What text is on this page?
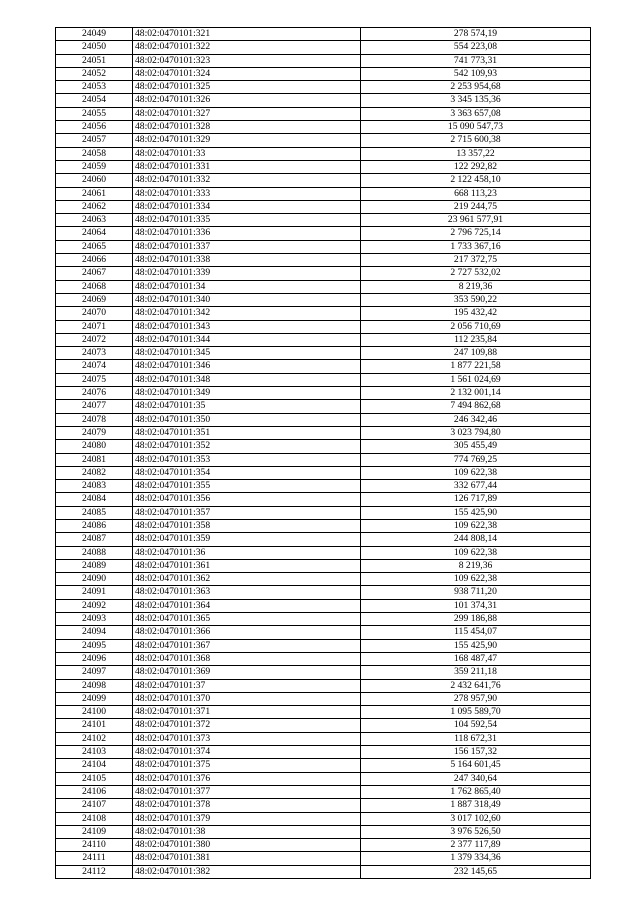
24049	48:02:0470101:321	278 574,19
24050	48:02:0470101:322	554 223,08
24051	48:02:0470101:323	741 773,31
24052	48:02:0470101:324	542 109,93
24053	48:02:0470101:325	2 253 954,68
24054	48:02:0470101:326	3 345 135,36
24055	48:02:0470101:327	3 363 657,08
24056	48:02:0470101:328	15 090 547,73
24057	48:02:0470101:329	2 715 600,38
24058	48:02:0470101:33	13 357,22
24059	48:02:0470101:331	122 292,82
24060	48:02:0470101:332	2 122 458,10
24061	48:02:0470101:333	668 113,23
24062	48:02:0470101:334	219 244,75
24063	48:02:0470101:335	23 961 577,91
24064	48:02:0470101:336	2 796 725,14
24065	48:02:0470101:337	1 733 367,16
24066	48:02:0470101:338	217 372,75
24067	48:02:0470101:339	2 727 532,02
24068	48:02:0470101:34	8 219,36
24069	48:02:0470101:340	353 590,22
24070	48:02:0470101:342	195 432,42
24071	48:02:0470101:343	2 056 710,69
24072	48:02:0470101:344	112 235,84
24073	48:02:0470101:345	247 109,88
24074	48:02:0470101:346	1 877 221,58
24075	48:02:0470101:348	1 561 024,69
24076	48:02:0470101:349	2 132 001,14
24077	48:02:0470101:35	7 494 862,68
24078	48:02:0470101:350	246 342,46
24079	48:02:0470101:351	3 023 794,80
24080	48:02:0470101:352	305 455,49
24081	48:02:0470101:353	774 769,25
24082	48:02:0470101:354	109 622,38
24083	48:02:0470101:355	332 677,44
24084	48:02:0470101:356	126 717,89
24085	48:02:0470101:357	155 425,90
24086	48:02:0470101:358	109 622,38
24087	48:02:0470101:359	244 808,14
24088	48:02:0470101:36	109 622,38
24089	48:02:0470101:361	8 219,36
24090	48:02:0470101:362	109 622,38
24091	48:02:0470101:363	938 711,20
24092	48:02:0470101:364	101 374,31
24093	48:02:0470101:365	299 186,88
24094	48:02:0470101:366	115 454,07
24095	48:02:0470101:367	155 425,90
24096	48:02:0470101:368	168 487,47
24097	48:02:0470101:369	359 211,18
24098	48:02:0470101:37	2 432 641,76
24099	48:02:0470101:370	278 957,90
24100	48:02:0470101:371	1 095 589,70
24101	48:02:0470101:372	104 592,54
24102	48:02:0470101:373	118 672,31
24103	48:02:0470101:374	156 157,32
24104	48:02:0470101:375	5 164 601,45
24105	48:02:0470101:376	247 340,64
24106	48:02:0470101:377	1 762 865,40
24107	48:02:0470101:378	1 887 318,49
24108	48:02:0470101:379	3 017 102,60
24109	48:02:0470101:38	3 976 526,50
24110	48:02:0470101:380	2 377 117,89
24111	48:02:0470101:381	1 379 334,36
24112	48:02:0470101:382	232 145,65
